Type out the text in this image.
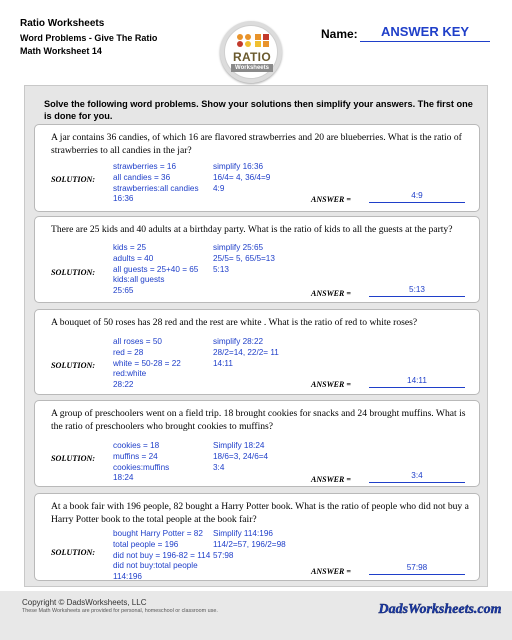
Ratio Worksheets
Word Problems - Give The Ratio
Math Worksheet 14	RATIO
Worksheets
Name:	ANSWER KEY
Solve the following word problems. Show your solutions then simplify your answers. The first one is done for you.
A jar contains 36 candies, of which 16 are flavored strawberries and 20 are blueberries. What is the ratio of strawberries to all candies in the jar?
SOLUTION:
strawberries = 16
all candies = 36
strawberries:all candies
16:36
simplify 16:36
16/4= 4, 36/4=9
4:9
ANSWER =	4:9
There are 25 kids and 40 adults at a birthday party. What is the ratio of kids to all the guests at the party?
SOLUTION:
kids = 25
adults = 40
all guests = 25+40 = 65
kids:all guests
25:65
simplify 25:65
25/5= 5, 65/5=13
5:13
ANSWER =	5:13
A bouquet of 50 roses has 28 red and the rest are white . What is the ratio of red to white roses?
SOLUTION:
all roses = 50
red = 28
white = 50-28 = 22
red:white
28:22
simplify 28:22
28/2=14, 22/2= 11
14:11
ANSWER =	14:11
A group of preschoolers went on a field trip. 18 brought cookies for snacks and 24 brought muffins. What is the ratio of preschoolers who brought cookies to muffins?
SOLUTION:
cookies = 18
muffins = 24
cookies:muffins
18:24
Simplify 18:24
18/6=3, 24/6=4
3:4
ANSWER =	3:4
At a book fair with 196 people, 82 bought a Harry Potter book. What is the ratio of people who did not buy a Harry Potter book to the total people at the book fair?
SOLUTION:
bought Harry Potter = 82
total people = 196
did not buy = 196-82 = 114
did not buy:total people
114:196
Simplify 114:196
114/2=57, 196/2=98
57:98
ANSWER =	57:98
Copyright © DadsWorksheets, LLC
These Math Worksheets are provided for personal, homeschool or classroom use.	DadsWorksheets.com
